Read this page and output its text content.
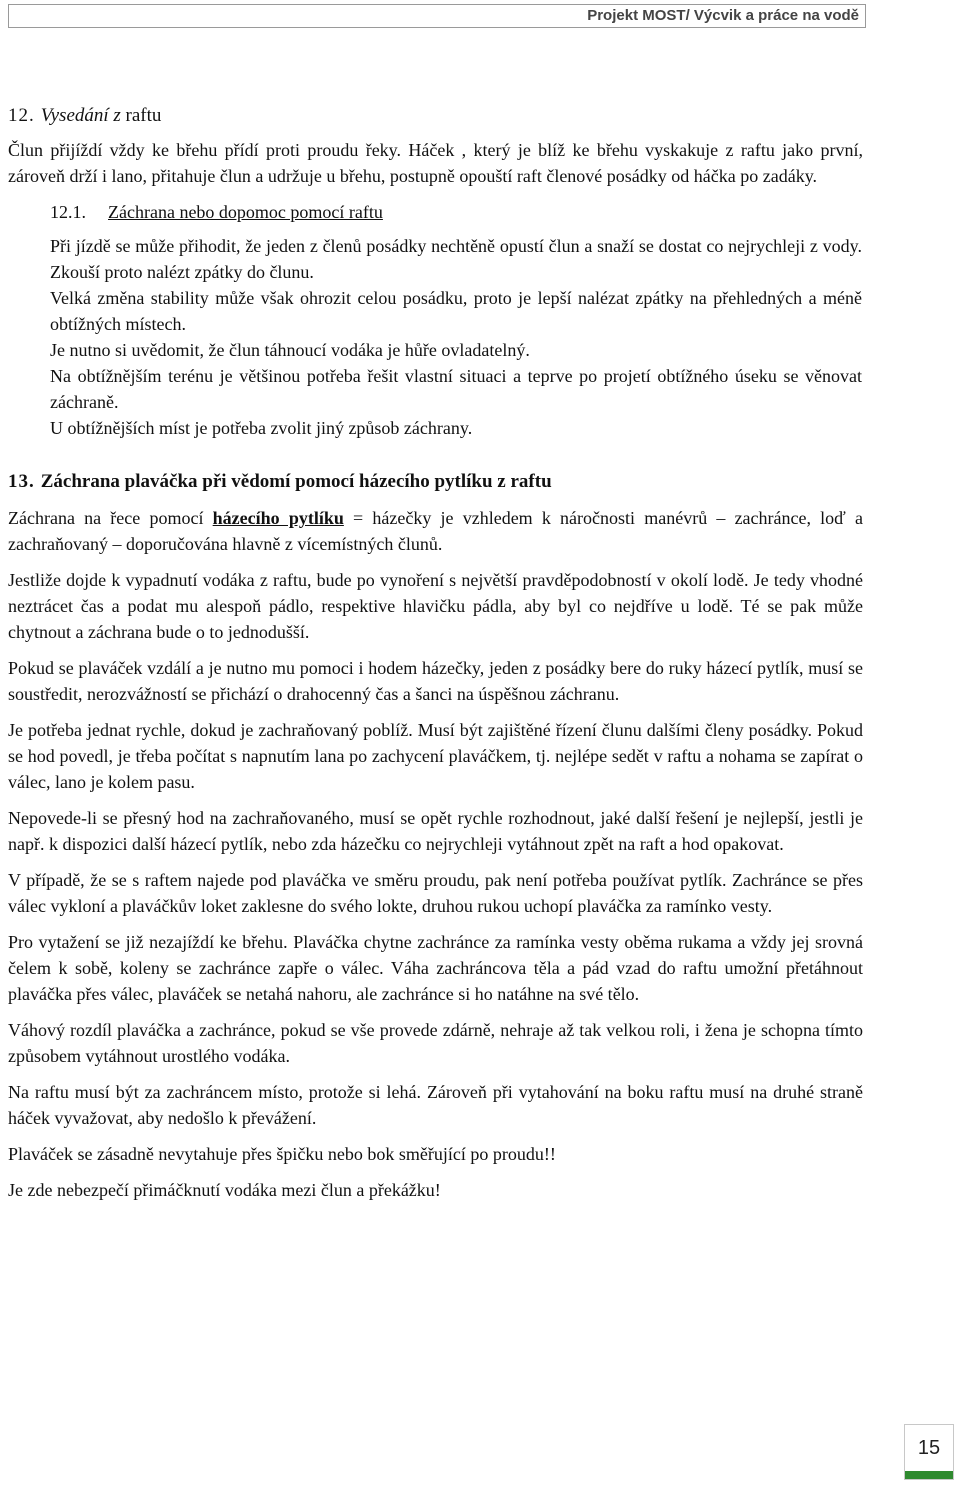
Projekt MOST/ Výcvik a práce na vodě

12. Vysedání z raftu

Člun přijíždí vždy ke břehu přídí proti proudu řeky. Háček , který je blíž ke břehu vyskakuje z raftu jako první, zároveň drží i lano, přitahuje člun a udržuje u břehu, postupně opouští raft členové posádky od háčka po zadáky.

12.1. Záchrana nebo dopomoc pomocí raftu

Při jízdě se může přihodit, že jeden z členů posádky nechtěně opustí člun a snaží se dostat co nejrychleji z vody. Zkouší proto nalézt zpátky do člunu.

Velká změna stability může však ohrozit celou posádku, proto je lepší nalézat zpátky na přehledných a méně obtížných místech.

Je nutno si uvědomit, že člun táhnoucí vodáka je hůře ovladatelný.

Na obtížnějším terénu je většinou potřeba řešit vlastní situaci a teprve po projetí obtížného úseku se věnovat záchraně.

U obtížnějších míst je potřeba zvolit jiný způsob záchrany.

13. Záchrana plaváčka při vědomí pomocí házecího pytlíku z raftu

Záchrana na řece pomocí házecího pytlíku = házečky je vzhledem k náročnosti manévrů – zachránce, loď a zachraňovaný – doporučována hlavně z vícemístných člunů.

Jestliže dojde k vypadnutí vodáka z raftu, bude po vynoření s největší pravděpodobností v okolí lodě. Je tedy vhodné neztrácet čas a podat mu alespoň pádlo, respektive hlavičku pádla, aby byl co nejdříve u lodě. Té se pak může chytnout a záchrana bude o to jednodušší.

Pokud se plaváček vzdálí a je nutno mu pomoci i hodem házečky, jeden z posádky bere do ruky házecí pytlík, musí se soustředit, nerozvážností se přichází o drahocenný čas a šanci na úspěšnou záchranu.

Je potřeba jednat rychle, dokud je zachraňovaný poblíž. Musí být zajištěné řízení člunu dalšími členy posádky. Pokud se hod povedl, je třeba počítat s napnutím lana po zachycení plaváčkem, tj. nejlépe sedět v raftu a nohama se zapírat o válec, lano je kolem pasu.

Nepovede-li se přesný hod na zachraňovaného, musí se opět rychle rozhodnout, jaké další řešení je nejlepší, jestli je např. k dispozici další házecí pytlík, nebo zda házečku co nejrychleji vytáhnout zpět na raft a hod opakovat.

V případě, že se s raftem najede pod plaváčka ve směru proudu, pak není potřeba používat pytlík. Zachránce se přes válec vykloní a plaváčkův loket zaklesne do svého lokte, druhou rukou uchopí plaváčka za ramínko vesty.

Pro vytažení se již nezajíždí ke břehu. Plaváčka chytne zachránce za ramínka vesty oběma rukama a vždy jej srovná čelem k sobě, koleny se zachránce zapře o válec. Váha zachráncova těla a pád vzad do raftu umožní přetáhnout plaváčka přes válec, plaváček se netahá nahoru, ale zachránce si ho natáhne na své tělo.

Váhový rozdíl plaváčka a zachránce, pokud se vše provede zdárně, nehraje až tak velkou roli, i žena je schopna tímto způsobem vytáhnout urostlého vodáka.

Na raftu musí být za zachráncem místo, protože si lehá. Zároveň při vytahování na boku raftu musí na druhé straně háček vyvažovat, aby nedošlo k převážení.

Plaváček se zásadně nevytahuje přes špičku nebo bok směřující po proudu!!

Je zde nebezpečí přimáčknutí vodáka mezi člun a překážku!

15
